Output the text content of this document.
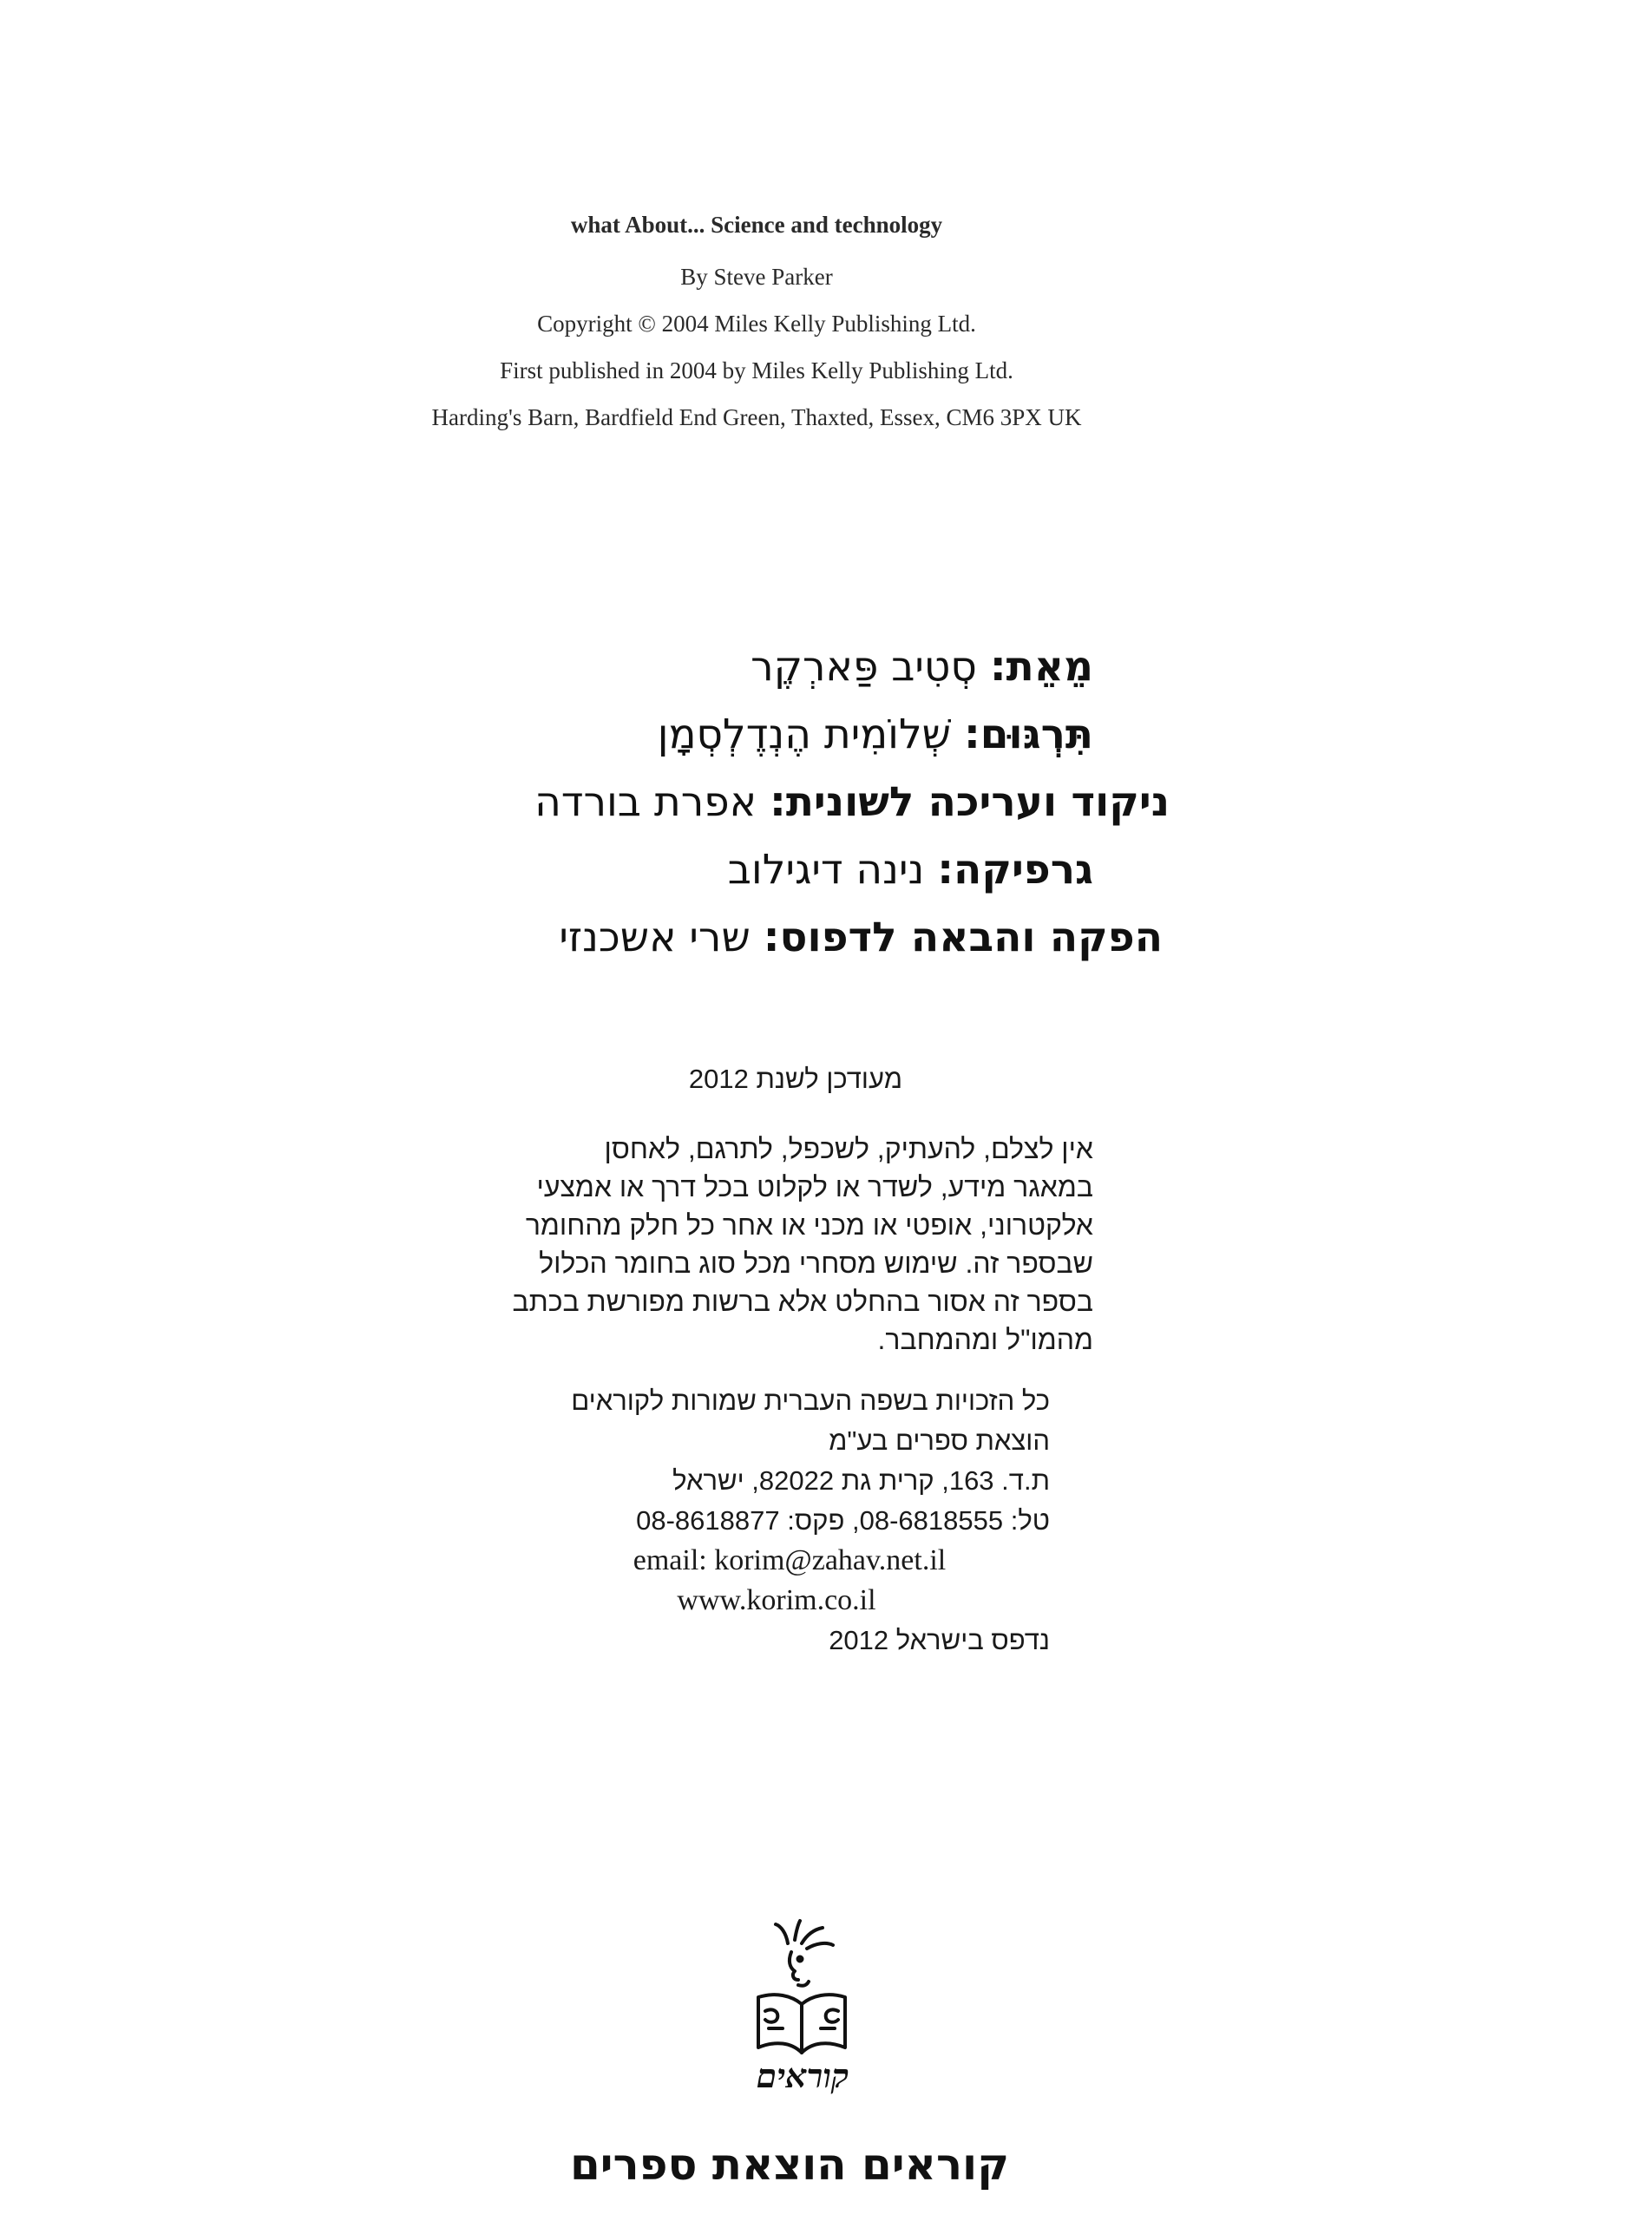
what About... Science and technology
By Steve Parker
Copyright © 2004 Miles Kelly Publishing Ltd.
First published in 2004 by Miles Kelly Publishing Ltd.
Harding's Barn, Bardfield End Green, Thaxted, Essex, CM6 3PX UK
מֵאֵת: סְטִיב פַּארְקֶר
תִּרְגּוּם: שְׁלוֹמִית הֶנְדֶלְסְמָן
ניקוד ועריכה לשונית: אפרת בורדה
גרפיקה: נינה דיגילוב
הפקה והבאה לדפוס: שרי אשכנזי
מעודכן לשנת 2012
אין לצלם, להעתיק, לשכפל, לתרגם, לאחסן
במאגר מידע, לשדר או לקלוט בכל דרך או אמצעי
אלקטרוני, אופטי או מכני או אחר כל חלק מהחומר
שבספר זה. שימוש מסחרי מכל סוג בחומר הכלול
בספר זה אסור בהחלט אלא ברשות מפורשת בכתב
מהמו"ל ומהמחבר.
כל הזכויות בשפה העברית שמורות לקוראים
הוצאת ספרים בע"מ
ת.ד. 163, קרית גת 82022, ישראל
טל: 08-6818555, פקס: 08-8618877
email: korim@zahav.net.il
www.korim.co.il
נדפס בישראל 2012
קוראים
קוראים הוצאת ספרים
